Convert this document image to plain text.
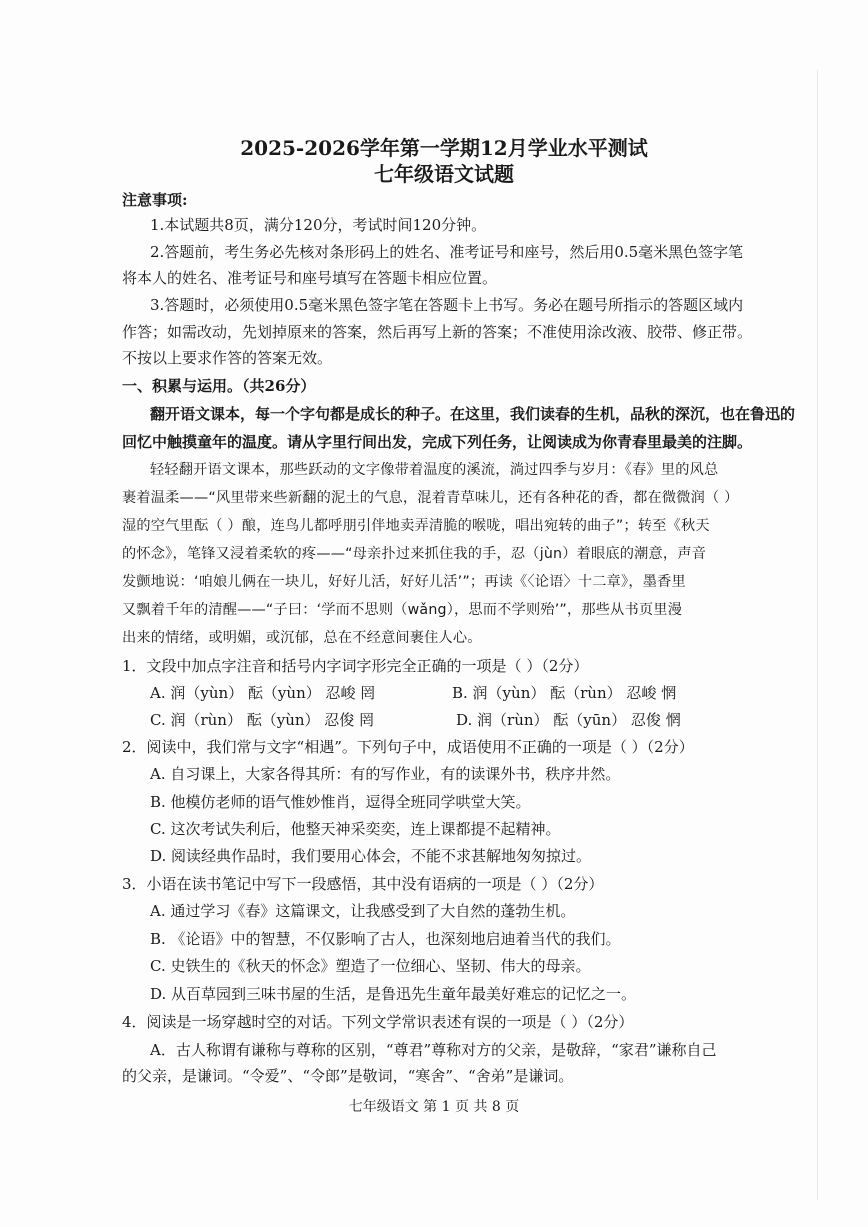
2025-2026学年第一学期12月学业水平测试
七年级语文试题
注意事项:
1.本试题共8页，满分120分，考试时间120分钟。
2.答题前，考生务必先核对条形码上的姓名、准考证号和座号，然后用0.5毫米黑色签字笔
将本人的姓名、准考证号和座号填写在答题卡相应位置。
3.答题时，必须使用0.5毫米黑色签字笔在答题卡上书写。务必在题号所指示的答题区域内
作答；如需改动，先划掉原来的答案，然后再写上新的答案；不准使用涂改液、胶带、修正带。
不按以上要求作答的答案无效。
一、积累与运用。（共26分）
翻开语文课本，每一个字句都是成长的种子。在这里，我们读春的生机，品秋的深沉，也在鲁迅的
回忆中触摸童年的温度。请从字里行间出发，完成下列任务，让阅读成为你青春里最美的注脚。
轻轻翻开语文课本，那些跃动的文字像带着温度的溪流，淌过四季与岁月：《春》里的风总
裹着温柔——“风里带来些新翻的泥土的气息，混着青草味儿，还有各种花的香，都在微微润（ ）
湿的空气里酝（ ）酿，连鸟儿都呼朋引伴地卖弄清脆的喉咙，唱出宛转的曲子”；转至《秋天
的怀念》，笔锋又浸着柔软的疼——“母亲扑过来抓住我的手，忍（jùn）着眼底的潮意，声音
发颤地说：‘咱娘儿俩在一块儿，好好儿活，好好儿活’”；再读《〈论语〉十二章》，墨香里
又飘着千年的清醒——“子曰：‘学而不思则（wǎng），思而不学则殆’”，那些从书页里漫
出来的情绪，或明媚，或沉郁，总在不经意间裹住人心。
1．文段中加点字注音和括号内字词字形完全正确的一项是（ ）（2分）
A. 润（yùn） 酝（yùn） 忍峻 罔	B. 润（yùn） 酝（rùn） 忍峻 惘
C. 润（rùn） 酝（yùn） 忍俊 罔	D. 润（rùn） 酝（yūn） 忍俊 惘
2．阅读中，我们常与文字“相遇”。下列句子中，成语使用不正确的一项是（ ）（2分）
A. 自习课上，大家各得其所：有的写作业，有的读课外书，秩序井然。
B. 他模仿老师的语气惟妙惟肖，逗得全班同学哄堂大笑。
C. 这次考试失利后，他整天神采奕奕，连上课都提不起精神。
D. 阅读经典作品时，我们要用心体会，不能不求甚解地匆匆掠过。
3．小语在读书笔记中写下一段感悟，其中没有语病的一项是（ ）（2分）
A. 通过学习《春》这篇课文，让我感受到了大自然的蓬勃生机。
B. 《论语》中的智慧，不仅影响了古人，也深刻地启迪着当代的我们。
C. 史铁生的《秋天的怀念》塑造了一位细心、坚韧、伟大的母亲。
D. 从百草园到三味书屋的生活，是鲁迅先生童年最美好难忘的记忆之一。
4．阅读是一场穿越时空的对话。下列文学常识表述有误的一项是（ ）（2分）
A．古人称谓有谦称与尊称的区别，“尊君”尊称对方的父亲，是敬辞，“家君”谦称自己
的父亲，是谦词。“令爱”、“令郎”是敬词，“寒舍”、“舍弟”是谦词。
七年级语文 第 1 页 共 8 页
